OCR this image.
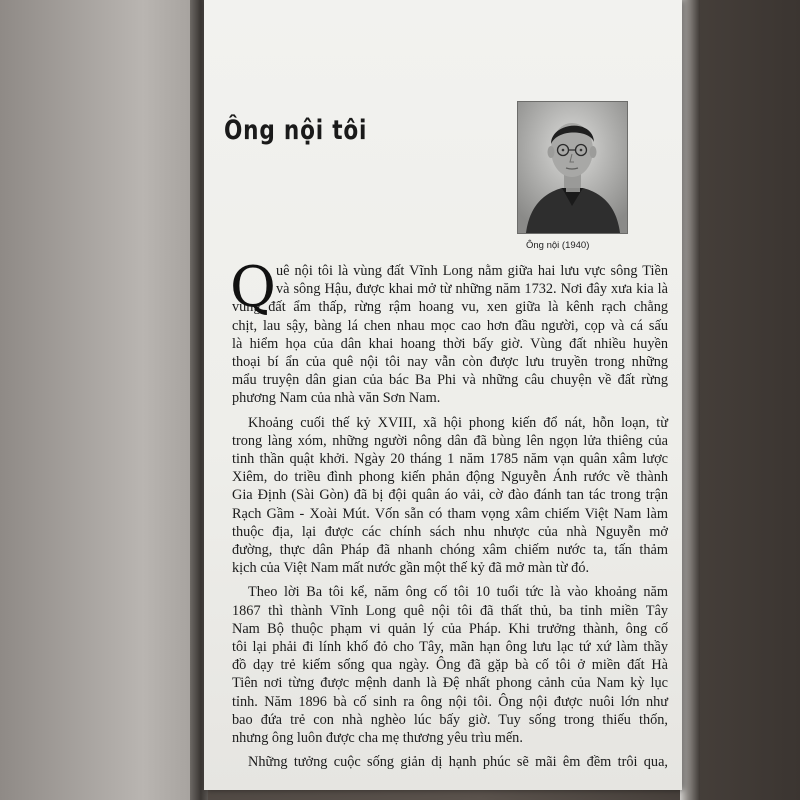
Ông nội tôi
Ông nội (1940)
Q uê nội tôi là vùng đất Vĩnh Long nằm giữa hai lưu vực sông Tiền
và sông Hậu, được khai mở từ những năm 1732. Nơi đây xưa kia là
vùng đất ẩm thấp, rừng rậm hoang vu, xen giữa là kênh rạch chằng
chịt, lau sậy, bàng lá chen nhau mọc cao hơn đầu người, cọp và cá sấu
là hiểm họa của dân khai hoang thời bấy giờ. Vùng đất nhiều huyền
thoại bí ẩn của quê nội tôi nay vẫn còn được lưu truyền trong những
mẩu truyện dân gian của bác Ba Phi và những câu chuyện về đất rừng
phương Nam của nhà văn Sơn Nam.
Khoảng cuối thế kỷ XVIII, xã hội phong kiến đổ nát, hỗn loạn, từ
trong làng xóm, những người nông dân đã bùng lên ngọn lửa thiêng của
tinh thần quật khởi. Ngày 20 tháng 1 năm 1785 năm vạn quân xâm lược
Xiêm, do triều đình phong kiến phản động Nguyễn Ánh rước về thành
Gia Định (Sài Gòn) đã bị đội quân áo vải, cờ đào đánh tan tác trong trận
Rạch Gầm - Xoài Mút. Vốn sẵn có tham vọng xâm chiếm Việt Nam làm
thuộc địa, lại được các chính sách nhu nhược của nhà Nguyễn mở
đường, thực dân Pháp đã nhanh chóng xâm chiếm nước ta, tấn thảm
kịch của Việt Nam mất nước gần một thế kỷ đã mở màn từ đó.
Theo lời Ba tôi kể, năm ông cố tôi 10 tuổi tức là vào khoảng năm
1867 thì thành Vĩnh Long quê nội tôi đã thất thủ, ba tỉnh miền Tây
Nam Bộ thuộc phạm vi quản lý của Pháp. Khi trưởng thành, ông cố
tôi lại phải đi lính khố đỏ cho Tây, mãn hạn ông lưu lạc tứ xứ làm thầy
đồ dạy trẻ kiếm sống qua ngày. Ông đã gặp bà cố tôi ở miền đất Hà
Tiên nơi từng được mệnh danh là Đệ nhất phong cảnh của Nam kỳ lục
tỉnh. Năm 1896 bà cố sinh ra ông nội tôi. Ông nội được nuôi lớn như
bao đứa trẻ con nhà nghèo lúc bấy giờ. Tuy sống trong thiếu thốn,
nhưng ông luôn được cha mẹ thương yêu trìu mến.
Những tưởng cuộc sống giản dị hạnh phúc sẽ mãi êm đềm trôi qua,
